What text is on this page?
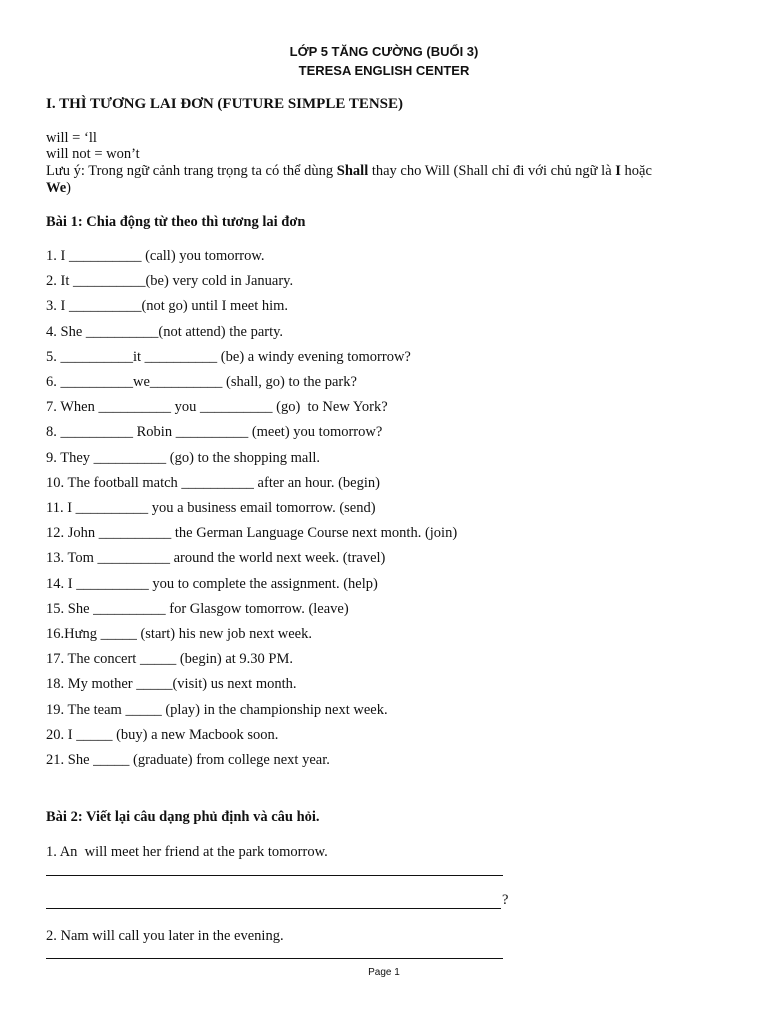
LỚP 5 TĂNG CƯỜNG (BUỔI 3)
TERESA ENGLISH CENTER
I. THÌ TƯƠNG LAI ĐƠN (FUTURE SIMPLE TENSE)
will = ‘ll
will not = won’t
Lưu ý: Trong ngữ cảnh trang trọng ta có thể dùng Shall thay cho Will (Shall chỉ đi với chủ ngữ là I hoặc
We)
Bài 1: Chia động từ theo thì tương lai đơn
1. I __________ (call) you tomorrow.
2. It __________(be) very cold in January.
3. I __________(not go) until I meet him.
4. She __________(not attend) the party.
5. __________it __________ (be) a windy evening tomorrow?
6. __________we__________ (shall, go) to the park?
7. When __________ you __________ (go)  to New York?
8. __________ Robin __________ (meet) you tomorrow?
9. They __________ (go) to the shopping mall.
10. The football match __________ after an hour. (begin)
11. I __________ you a business email tomorrow. (send)
12. John __________ the German Language Course next month. (join)
13. Tom __________ around the world next week. (travel)
14. I __________ you to complete the assignment. (help)
15. She __________ for Glasgow tomorrow. (leave)
16.Hưng _____ (start) his new job next week.
17. The concert _____ (begin) at 9.30 PM.
18. My mother _____(visit) us next month.
19. The team _____ (play) in the championship next week.
20. I _____ (buy) a new Macbook soon.
21. She _____ (graduate) from college next year.
Bài 2: Viết lại câu dạng phủ định và câu hỏi.
1. An  will meet her friend at the park tomorrow.
?
2. Nam will call you later in the evening.
Page 1
